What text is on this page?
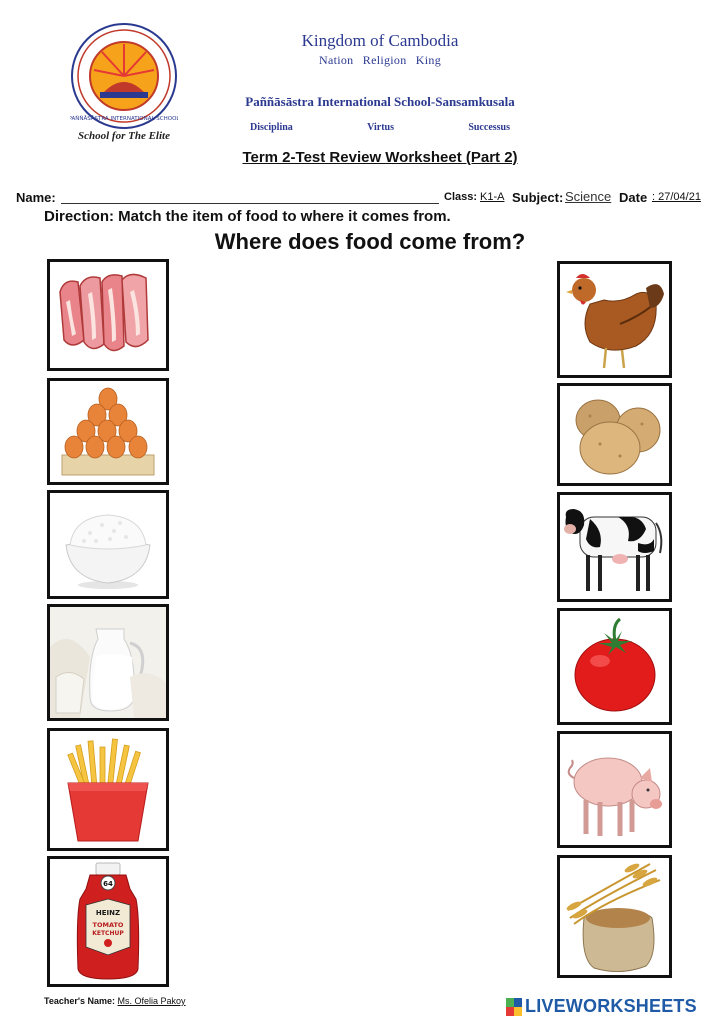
PAÑÑĀSĀSTRA INTERNATIONAL SCHOOL
School for The Elite
Kingdom of Cambodia
Nation Religion King
Paññāsāstra International School-Sansamkusala
Disciplina	Virtus	Successus
Term 2-Test Review Worksheet (Part 2)
Name:	Class: K1-A Subject: Science Date : 27/04/21
Direction: Match the item of food to where it comes from.
Where does food come from?
64
HEINZ
TOMATO
KETCHUP
Teacher's Name: Ms. Ofelia Pakoy	LIVEWORKSHEETS
